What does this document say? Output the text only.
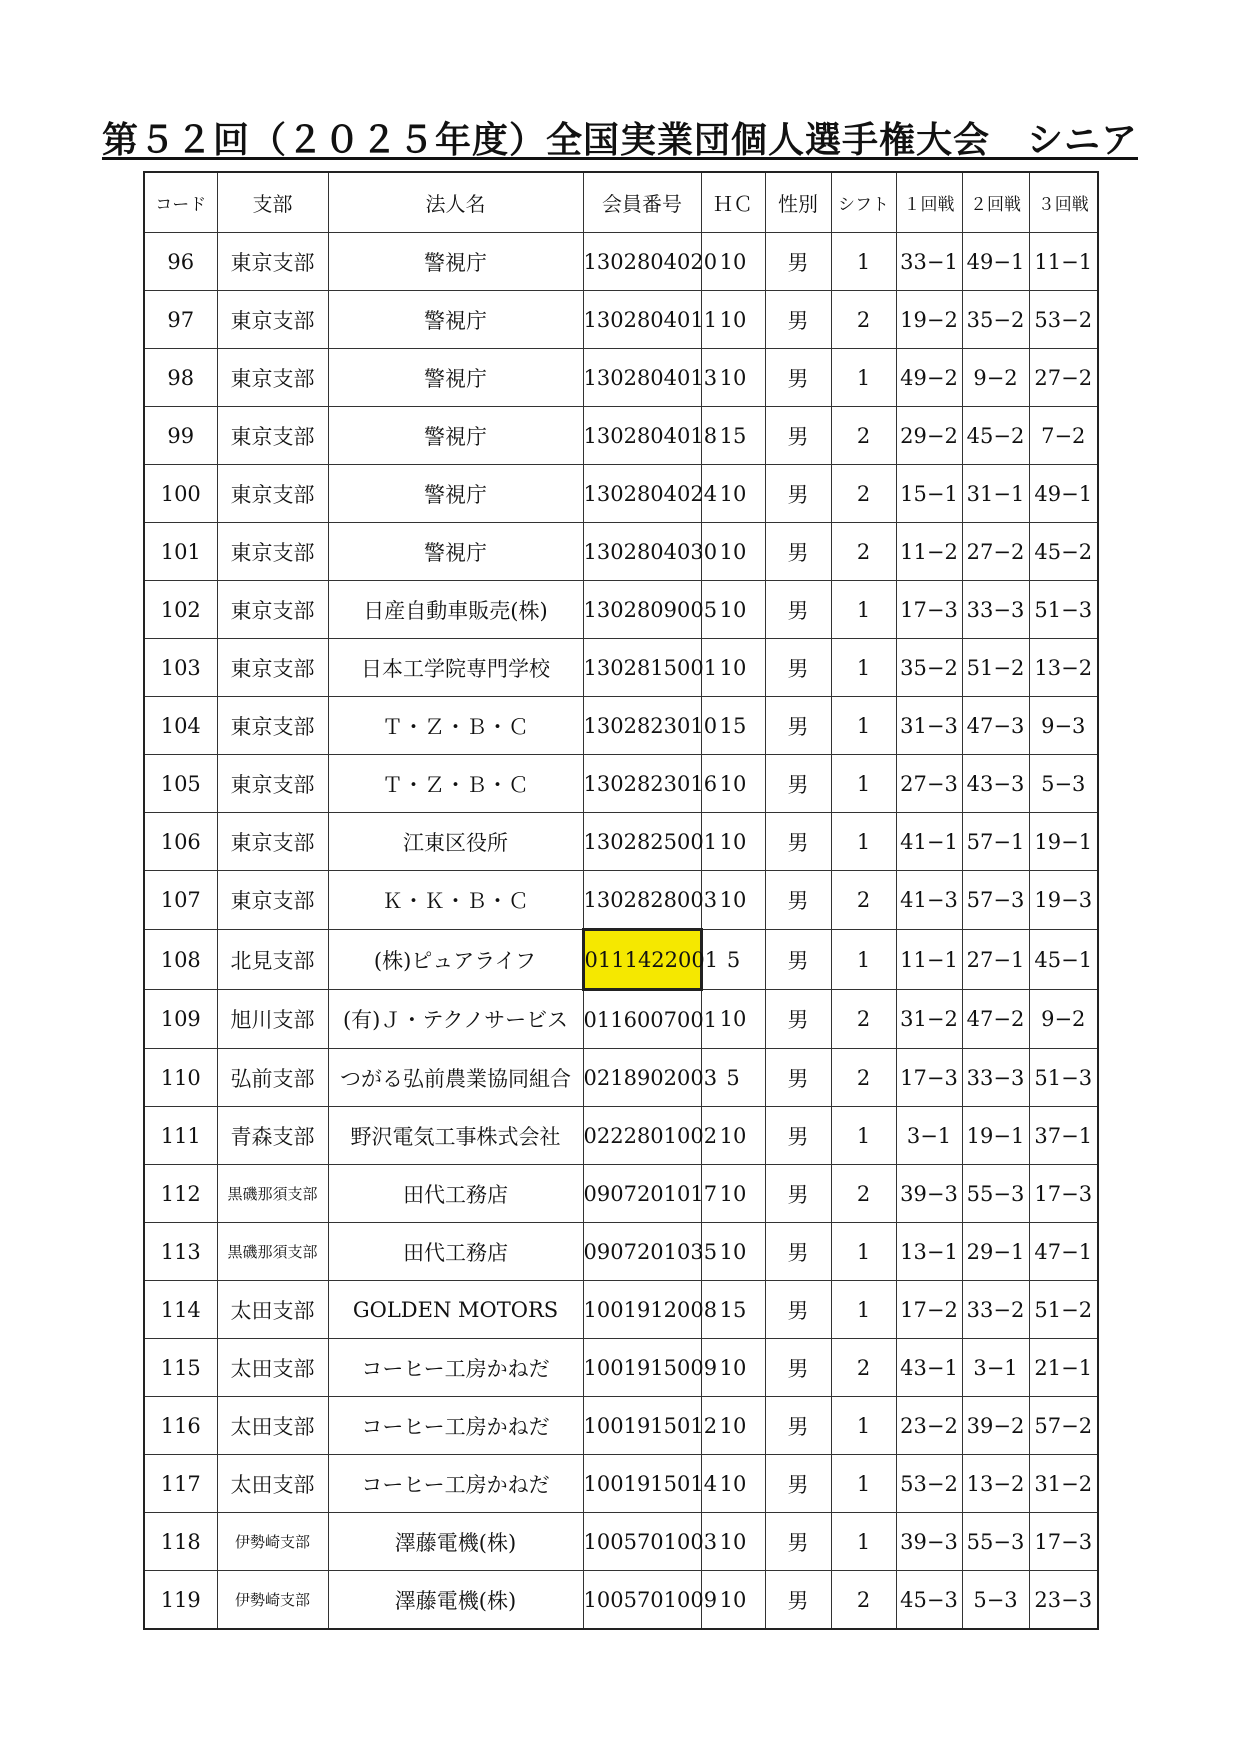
第５２回（２０２５年度）全国実業団個人選手権大会　シニア
コード	支部	法人名	会員番号	ＨＣ	性別	シフト	１回戦	２回戦	３回戦
96	東京支部	警視庁	1302804020	10	男	1	33−1	49−1	11−1
97	東京支部	警視庁	1302804011	10	男	2	19−2	35−2	53−2
98	東京支部	警視庁	1302804013	10	男	1	49−2	9−2	27−2
99	東京支部	警視庁	1302804018	15	男	2	29−2	45−2	7−2
100	東京支部	警視庁	1302804024	10	男	2	15−1	31−1	49−1
101	東京支部	警視庁	1302804030	10	男	2	11−2	27−2	45−2
102	東京支部	日産自動車販売(株)	1302809005	10	男	1	17−3	33−3	51−3
103	東京支部	日本工学院専門学校	1302815001	10	男	1	35−2	51−2	13−2
104	東京支部	Ｔ・Ｚ・Ｂ・Ｃ	1302823010	15	男	1	31−3	47−3	9−3
105	東京支部	Ｔ・Ｚ・Ｂ・Ｃ	1302823016	10	男	1	27−3	43−3	5−3
106	東京支部	江東区役所	1302825001	10	男	1	41−1	57−1	19−1
107	東京支部	Ｋ・Ｋ・Ｂ・Ｃ	1302828003	10	男	2	41−3	57−3	19−3
108	北見支部	(株)ピュアライフ	0111422001	5	男	1	11−1	27−1	45−1
109	旭川支部	(有)Ｊ・テクノサービス	0116007001	10	男	2	31−2	47−2	9−2
110	弘前支部	つがる弘前農業協同組合	0218902003	5	男	2	17−3	33−3	51−3
111	青森支部	野沢電気工事株式会社	0222801002	10	男	1	3−1	19−1	37−1
112	黒磯那須支部	田代工務店	0907201017	10	男	2	39−3	55−3	17−3
113	黒磯那須支部	田代工務店	0907201035	10	男	1	13−1	29−1	47−1
114	太田支部	GOLDEN MOTORS	1001912008	15	男	1	17−2	33−2	51−2
115	太田支部	コーヒー工房かねだ	1001915009	10	男	2	43−1	3−1	21−1
116	太田支部	コーヒー工房かねだ	1001915012	10	男	1	23−2	39−2	57−2
117	太田支部	コーヒー工房かねだ	1001915014	10	男	1	53−2	13−2	31−2
118	伊勢崎支部	澤藤電機(株)	1005701003	10	男	1	39−3	55−3	17−3
119	伊勢崎支部	澤藤電機(株)	1005701009	10	男	2	45−3	5−3	23−3
